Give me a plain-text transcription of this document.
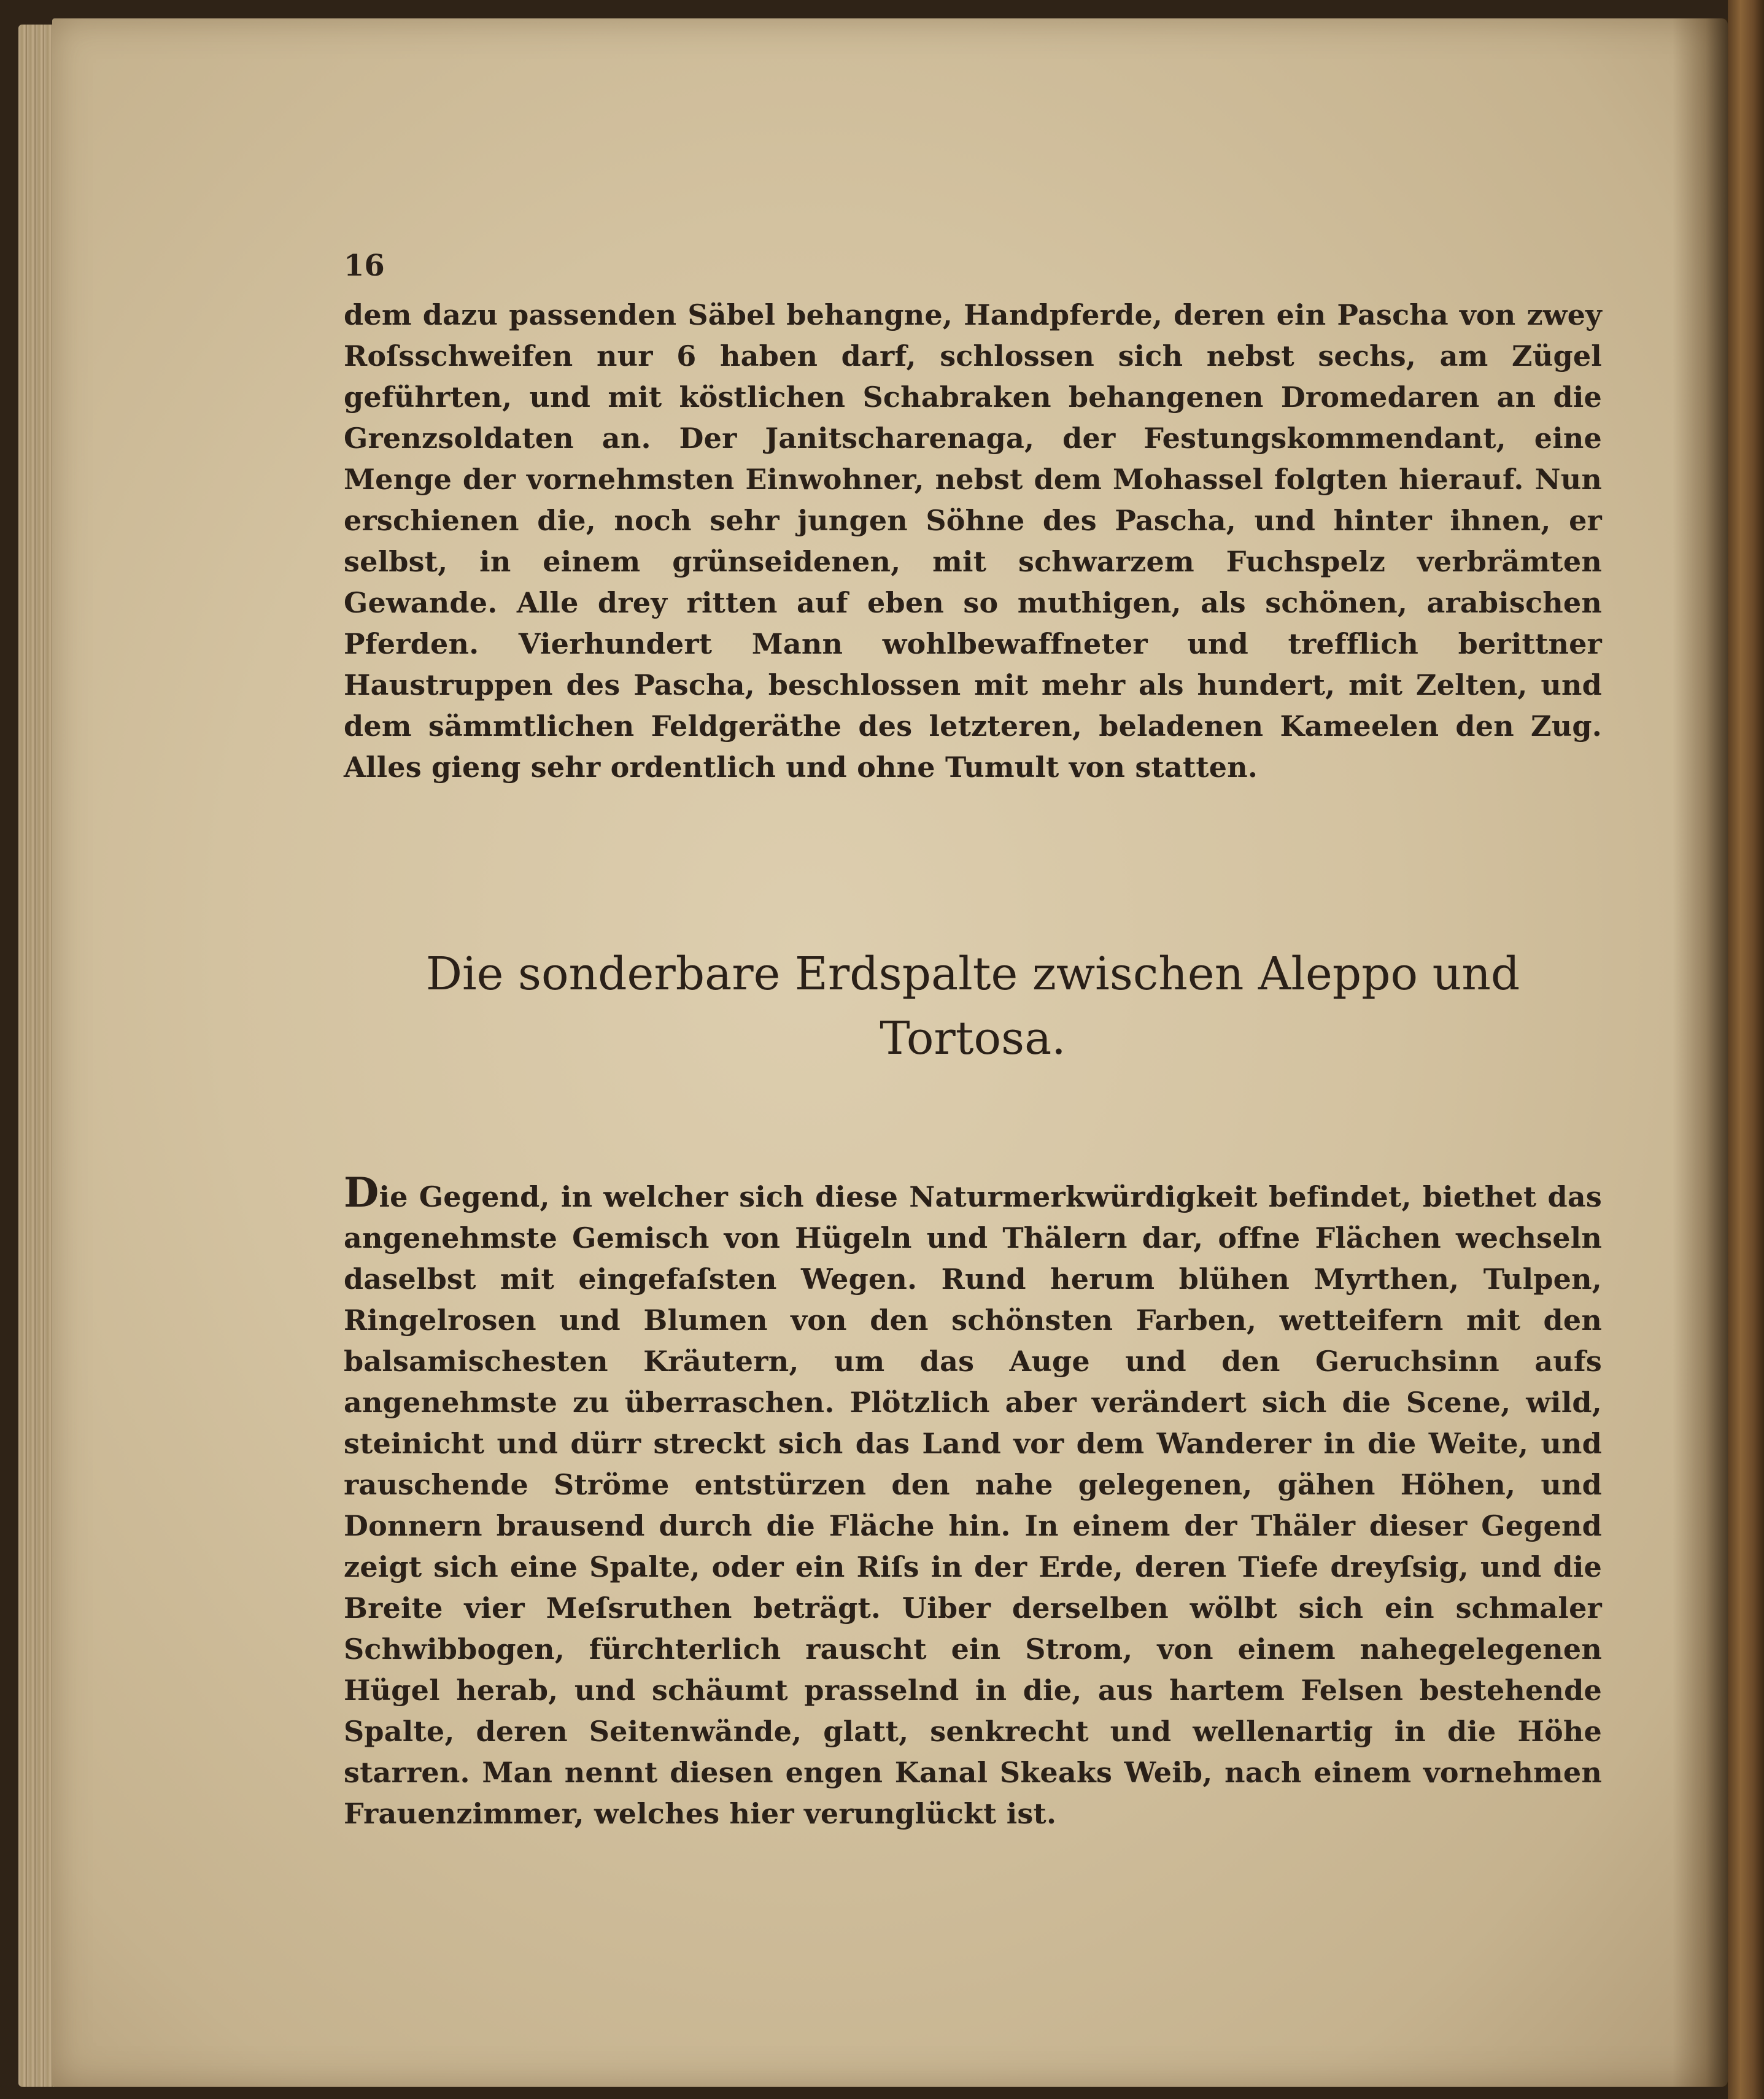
16
dem dazu passenden Säbel behangne, Handpferde, deren ein Pascha von zwey Roſsschweifen nur 6 haben darf, schlossen sich nebst sechs, am Zügel geführten, und mit köstlichen Schabraken behangenen Dromedaren an die Grenzsoldaten an. Der Janitscharenaga, der Festungskommendant, eine Menge der vornehmsten Einwohner, nebst dem Mohassel folgten hierauf. Nun erschienen die, noch sehr jungen Söhne des Pascha, und hinter ihnen, er selbst, in einem grünseidenen, mit schwarzem Fuchspelz verbrämten Gewande. Alle drey ritten auf eben so muthigen, als schönen, arabischen Pferden. Vierhundert Mann wohlbewaffneter und trefflich berittner Haustruppen des Pascha, beschlossen mit mehr als hundert, mit Zelten, und dem sämmtlichen Feldgeräthe des letzteren, beladenen Kameelen den Zug. Alles gieng sehr ordentlich und ohne Tumult von statten.
Die sonderbare Erdspalte zwischen Aleppo und
Tortosa.
Die Gegend, in welcher sich diese Naturmerkwürdigkeit befindet, biethet das angenehmste Gemisch von Hügeln und Thälern dar, offne Flächen wechseln daselbst mit eingefaſsten Wegen. Rund herum blühen Myrthen, Tulpen, Ringelrosen und Blumen von den schönsten Farben, wetteifern mit den balsamischesten Kräutern, um das Auge und den Geruchsinn aufs angenehmste zu überraschen. Plötzlich aber verändert sich die Scene, wild, steinicht und dürr streckt sich das Land vor dem Wanderer in die Weite, und rauschende Ströme entstürzen den nahe gelegenen, gähen Höhen, und Donnern brausend durch die Fläche hin. In einem der Thäler dieser Gegend zeigt sich eine Spalte, oder ein Riſs in der Erde, deren Tiefe dreyſsig, und die Breite vier Meſsruthen beträgt. Uiber derselben wölbt sich ein schmaler Schwibbogen, fürchterlich rauscht ein Strom, von einem nahegelegenen Hügel herab, und schäumt prasselnd in die, aus hartem Felsen bestehende Spalte, deren Seitenwände, glatt, senkrecht und wellenartig in die Höhe starren. Man nennt diesen engen Kanal Skeaks Weib, nach einem vornehmen Frauenzimmer, welches hier verunglückt ist.
